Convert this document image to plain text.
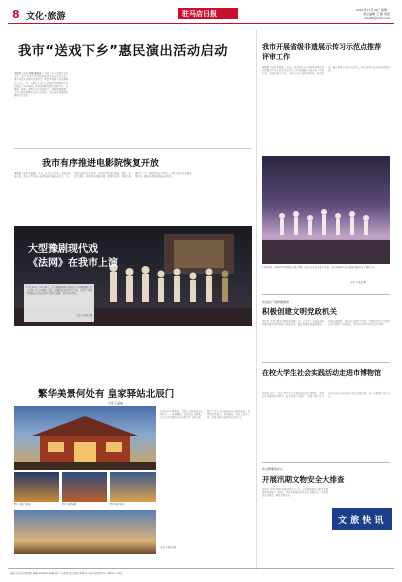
8 文化·旅游	驻马店日报	2022年11月14日 星期一
责任编辑 王 静 电话
zmdrb@163.com
我市“送戏下乡”惠民演出活动启动
本报讯（记者 刘畅 通讯员 ）为进一步丰富群众文化生活，我市“送戏下乡”惠民演出活动日前正式启动。演出将深入各县区乡镇村庄，把优秀戏曲节目送到群众家门口，让广大群众在家门口就能欣赏到精彩的文艺演出。活动期间，各演出团体将精心编排节目，以豫剧、曲剧、越调等地方戏曲为主，同时穿插歌舞、小品等群众喜闻乐见的艺术形式，切实满足基层群众精神文化需求。
我市有序推进电影院恢复开放
本报讯（记者 王晶晶）日前，记者从市文化广电和旅游局获悉，我市在严格落实疫情防控措施的前提下，有序推进电影院恢复开放。各影院严格执行限流、预约、错峰等要求，做好观众体温检测、健康码查验、场所消毒通风等工作，确保观众安全观影。市相关部门将加强督导检查，确保各项防控措施落实到位。
大型豫剧现代戏
《法网》在我市上演
11月10日、12月9日，由市豫剧团精心创排的大型豫剧现代戏《法网》在市区剧院上演。该剧以法治宣传为主线，讲述了基层干部群众在普法过程中的感人故事，深受观众喜爱。
记者 王晶晶 摄
繁华美景何处有 皇家驿站北辰门
记者 王晶晶
北辰门位于驿城区，是我市文化旅游重点项目之一。夜幕降临，北辰门灯火璀璨，古色古香的建筑在灯光映衬下美轮美奂，吸引了众多市民和游客前来观光游览。景区集文化展示、休闲娱乐、特色美食于一体，已成为我市夜间经济的新亮点。
图1 北辰门夜景	图2 古建筑群	图3 游客观光
记者 王晶晶 摄
我市开展省级非遗展示传习示范点推荐评审工作
本报讯（记者 王晶晶 ）日前，我市组织专家对各县区推荐的非遗展示传习示范点进行评审。评审组通过实地查看、听取汇报、查阅资料等方式，对各示范点的传承场所、传承活动、展示效果等进行综合评定，推荐优秀示范点参加省级评选。
11月10日，2022年中国农民丰收节暨驻马店市第十届文化节开幕，来自各县区的文艺演出团体带来了精彩节目。
记者 王晶晶 摄
市文化广电和旅游局
积极创建文明党政机关
本报讯 为深入推进文明单位创建工作，市文化广电和旅游局积极开展文明党政机关创建活动，通过加强思想道德建设、开展志愿服务、优化窗口服务等举措，不断提升机关文明程度和干部职工文明素养，努力营造风清气正的良好氛围。
在校大学生社会实践活动走进市博物馆
本报讯 近日，在校大学生社会实践活动走进市博物馆。同学们在讲解员的带领下，依次参观了各展厅，详细了解了驻马店悠久的历史文化和丰富的文物资源，进一步增强了文化自信。
市文物事务中心
开展汛期文物安全大排查
本报讯 为切实做好汛期文物安全工作，市文物事务中心组织开展汛期文物安全大排查，对各文物保护单位进行全面检查，及时消除安全隐患，确保文物安全。
文 旅 快 讯
地址 驻马店市驿城区 邮编 463000 新闻热线 广告热线 发行热线 印刷 驻马店日报印务中心 零售价 1.00元
